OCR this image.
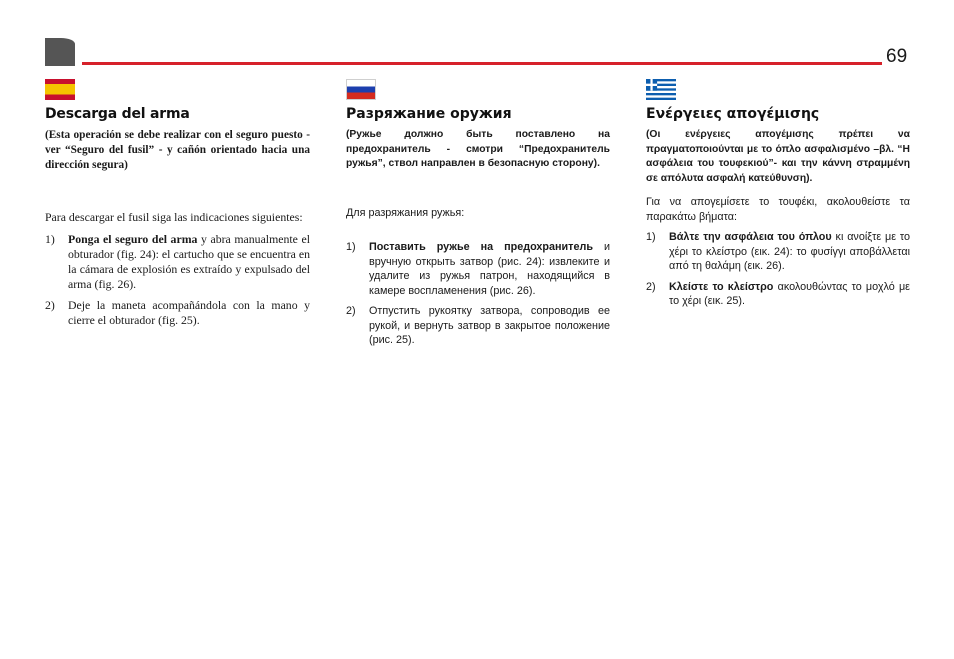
69
Descarga del arma

(Esta operación se debe realizar con el seguro puesto - ver “Seguro del fusil” - y cañón orientado hacia una dirección segura)

Para descargar el fusil siga las indicaciones siguientes:

1)	Ponga el seguro del arma y abra manualmente el obturador (fig. 24): el cartucho que se encuentra en la cámara de explosión es extraído y expulsado del arma (fig. 26).
2)	Deje la maneta acompañándola con la mano y cierre el obturador (fig. 25).
Разряжание оружия

(Ружье должно быть поставлено на предохранитель - смотри “Предохранитель ружья”, ствол направлен в безопасную сторону).

Для разряжания ружья:

1)	Поставить ружье на предохранитель и вручную открыть затвор (рис. 24): извлеките и удалите из ружья патрон, находящийся в камере воспламенения (рис. 26).
2)	Отпустить рукоятку затвора, сопроводив ее рукой, и вернуть затвор в закрытое положение (рис. 25).
Ενέργειες απογέμισης

(Οι ενέργειες απογέμισης πρέπει να πραγματοποιούνται με το όπλο ασφαλισμένο –βλ. “Η ασφάλεια του τουφεκιού”- και την κάννη στραμμένη σε απόλυτα ασφαλή κατεύθυνση).

Για να απογεμίσετε το τουφέκι, ακολουθείστε τα παρακάτω βήματα:

1)	Βάλτε την ασφάλεια του όπλου κι ανοίξτε με το χέρι το κλείστρο (εικ. 24): το φυσίγγι αποβάλλεται από τη θαλάμη (εικ. 26).
2)	Κλείστε το κλείστρο ακολουθώντας το μοχλό με το χέρι (εικ. 25).
